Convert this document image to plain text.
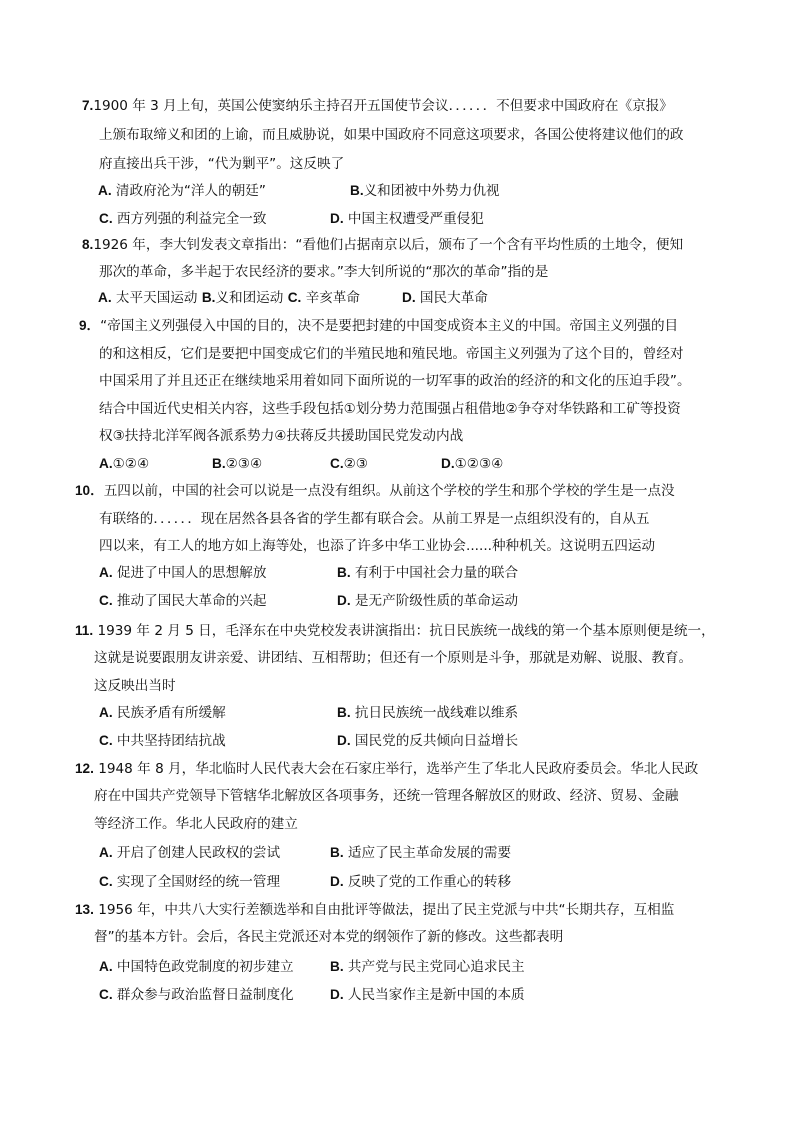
7.1900 年 3 月上旬，英国公使窦纳乐主持召开五国使节会议．．．．．．不但要求中国政府在《京报》
上颁布取缔义和团的上谕，而且威胁说，如果中国政府不同意这项要求，各国公使将建议他们的政
府直接出兵干涉，“代为剿平”。这反映了
A. 清政府沦为“洋人的朝廷”	B.义和团被中外势力仇视
C. 西方列强的利益完全一致	D. 中国主权遭受严重侵犯
8.1926 年，李大钊发表文章指出：“看他们占据南京以后，颁布了一个含有平均性质的土地令，便知
那次的革命，多半起于农民经济的要求。”李大钊所说的“那次的革命”指的是
A. 太平天国运动 B.义和团运动 C. 辛亥革命	D. 国民大革命
9．“帝国主义列强侵入中国的目的，决不是要把封建的中国变成资本主义的中国。帝国主义列强的目
的和这相反，它们是要把中国变成它们的半殖民地和殖民地。帝国主义列强为了这个目的，曾经对
中国采用了并且还正在继续地采用着如同下面所说的一切军事的政治的经济的和文化的压迫手段”。
结合中国近代史相关内容，这些手段包括①划分势力范围强占租借地②争夺对华铁路和工矿等投资
权③扶持北洋军阀各派系势力④扶蒋反共援助国民党发动内战
A.①②④	B.②③④	C.②③	D.①②③④
10．五四以前，中国的社会可以说是一点没有组织。从前这个学校的学生和那个学校的学生是一点没
有联络的．．．．．．现在居然各县各省的学生都有联合会。从前工界是一点组织没有的，自从五
四以来，有工人的地方如上海等处，也添了许多中华工业协会......种种机关。这说明五四运动
A. 促进了中国人的思想解放	B. 有利于中国社会力量的联合
C. 推动了国民大革命的兴起	D. 是无产阶级性质的革命运动
11. 1939 年 2 月 5 日，毛泽东在中央党校发表讲演指出：抗日民族统一战线的第一个基本原则便是统一，
这就是说要跟朋友讲亲爱、讲团结、互相帮助；但还有一个原则是斗争，那就是劝解、说服、教育。
这反映出当时
A. 民族矛盾有所缓解	B. 抗日民族统一战线难以维系
C. 中共坚持团结抗战	D. 国民党的反共倾向日益增长
12. 1948 年 8 月，华北临时人民代表大会在石家庄举行，选举产生了华北人民政府委员会。华北人民政
府在中国共产党领导下管辖华北解放区各项事务，还统一管理各解放区的财政、经济、贸易、金融
等经济工作。华北人民政府的建立
A. 开启了创建人民政权的尝试	B. 适应了民主革命发展的需要
C. 实现了全国财经的统一管理	D. 反映了党的工作重心的转移
13. 1956 年，中共八大实行差额选举和自由批评等做法，提出了民主党派与中共“长期共存，互相监
督”的基本方针。会后，各民主党派还对本党的纲领作了新的修改。这些都表明
A. 中国特色政党制度的初步建立	B. 共产党与民主党同心追求民主
C. 群众参与政治监督日益制度化	D. 人民当家作主是新中国的本质
